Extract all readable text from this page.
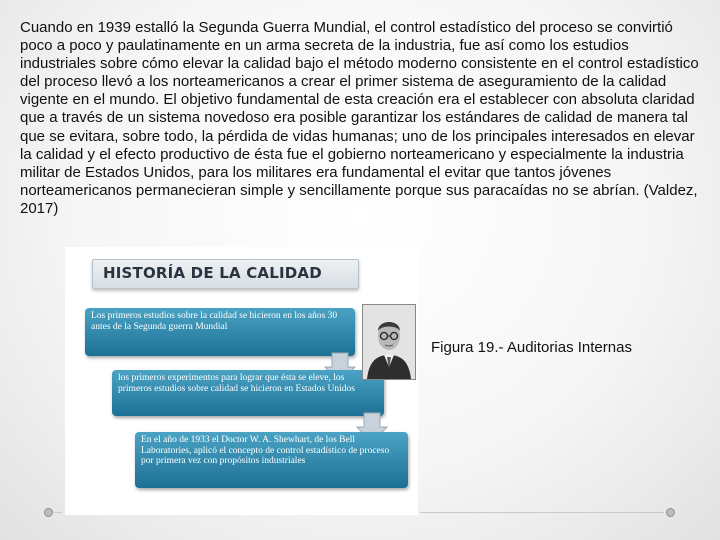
Cuando en 1939 estalló la Segunda Guerra Mundial, el control estadístico del proceso se convirtió poco a poco y paulatinamente en un arma secreta de la industria, fue así como los estudios industriales sobre cómo elevar la calidad bajo el método moderno consistente en el control estadístico del proceso llevó a los norteamericanos a crear el primer sistema de aseguramiento de la calidad vigente en el mundo. El objetivo fundamental de esta creación era el establecer con absoluta claridad que a través de un sistema novedoso era posible garantizar los estándares de calidad de manera tal que se evitara, sobre todo, la pérdida de vidas humanas; uno de los principales interesados en elevar la calidad y el efecto productivo de ésta fue el gobierno norteamericano y especialmente la industria militar de Estados Unidos, para los militares era fundamental el evitar que tantos jóvenes norteamericanos permanecieran simple y sencillamente porque sus paracaídas no se abrían. (Valdez, 2017)

HISTORÍA DE LA CALIDAD
Los primeros estudios sobre la calidad se hicieron en los años 30 antes de la Segunda guerra Mundial
los primeros experimentos para lograr que ésta se eleve, los primeros estudios sobre calidad se hicieron en Estados Unidos
En el año de 1933 el Doctor W. A. Shewhart, de los Bell Laboratories, aplicó el concepto de control estadístico de proceso por primera vez con propósitos industriales
Figura 19.- Auditorias Internas
